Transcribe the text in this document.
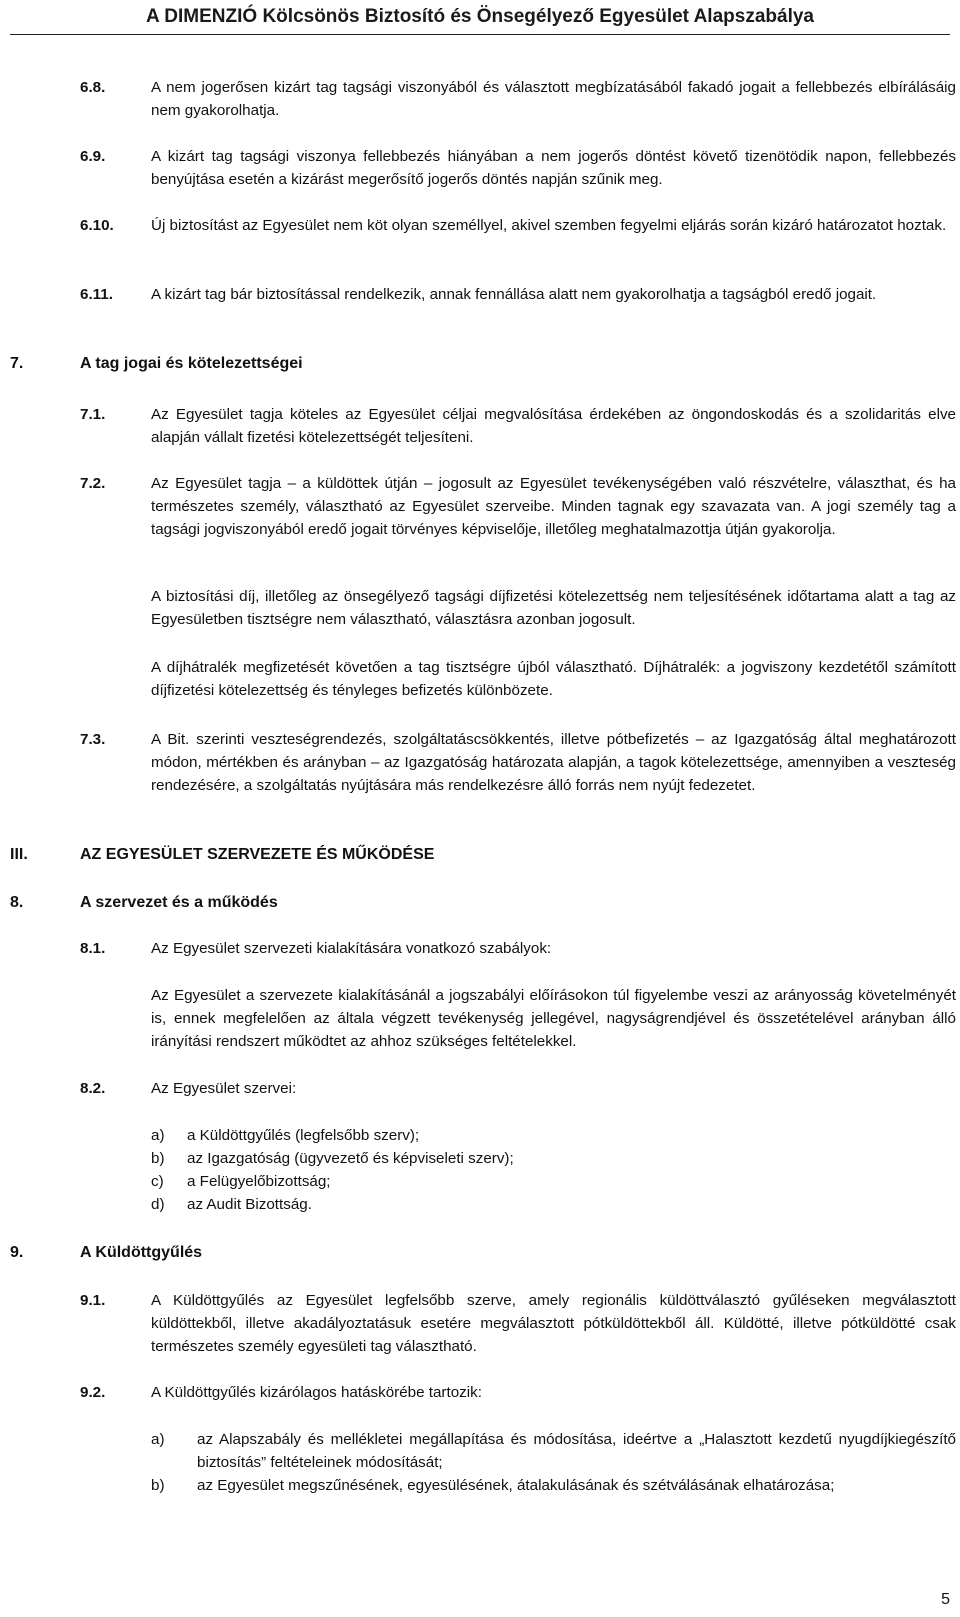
A DIMENZIÓ Kölcsönös Biztosító és Önsegélyező Egyesület Alapszabálya
6.8.	A nem jogerősen kizárt tag tagsági viszonyából és választott megbízatásából fakadó jogait a fellebbezés elbírálásáig nem gyakorolhatja.
6.9.	A kizárt tag tagsági viszonya fellebbezés hiányában a nem jogerős döntést követő tizenötödik napon, fellebbezés benyújtása esetén a kizárást megerősítő jogerős döntés napján szűnik meg.
6.10. Új biztosítást az Egyesület nem köt olyan személlyel, akivel szemben fegyelmi eljárás során kizáró határozatot hoztak.
6.11.	A kizárt tag bár biztosítással rendelkezik, annak fennállása alatt nem gyakorolhatja a tagságból eredő jogait.
7.	A tag jogai és kötelezettségei
7.1.	Az Egyesület tagja köteles az Egyesület céljai megvalósítása érdekében az öngondoskodás és a szolidaritás elve alapján vállalt fizetési kötelezettségét teljesíteni.
7.2.	Az Egyesület tagja – a küldöttek útján – jogosult az Egyesület tevékenységében való részvételre, választhat, és ha természetes személy, választható az Egyesület szerveibe. Minden tagnak egy szavazata van. A jogi személy tag a tagsági jogviszonyából eredő jogait törvényes képviselője, illetőleg meghatalmazottja útján gyakorolja.
A biztosítási díj, illetőleg az önsegélyező tagsági díjfizetési kötelezettség nem teljesítésének időtartama alatt a tag az Egyesületben tisztségre nem választható, választásra azonban jogosult.
A díjhátralék megfizetését követően a tag tisztségre újból választható. Díjhátralék: a jogviszony kezdetétől számított díjfizetési kötelezettség és tényleges befizetés különbözete.
7.3.	A Bit. szerinti veszteségrendezés, szolgáltatáscsökkentés, illetve pótbefizetés – az Igazgatóság által meghatározott módon, mértékben és arányban – az Igazgatóság határozata alapján, a tagok kötelezettsége, amennyiben a veszteség rendezésére, a szolgáltatás nyújtására más rendelkezésre álló forrás nem nyújt fedezetet.
III.	AZ EGYESÜLET SZERVEZETE ÉS MŰKÖDÉSE
8.	A szervezet és a működés
8.1.	Az Egyesület szervezeti kialakítására vonatkozó szabályok:
Az Egyesület a szervezete kialakításánál a jogszabályi előírásokon túl figyelembe veszi az arányosság követelményét is, ennek megfelelően az általa végzett tevékenység jellegével, nagyságrendjével és összetételével arányban álló irányítási rendszert működtet az ahhoz szükséges feltételekkel.
8.2.	Az Egyesület szervei:
a) a Küldöttgyűlés (legfelsőbb szerv);
b) az Igazgatóság (ügyvezető és képviseleti szerv);
c) a Felügyelőbizottság;
d) az Audit Bizottság.
9.	A Küldöttgyűlés
9.1.	A Küldöttgyűlés az Egyesület legfelsőbb szerve, amely regionális küldöttválasztó gyűléseken megválasztott küldöttekből, illetve akadályoztatásuk esetére megválasztott pótküldöttekből áll. Küldötté, illetve pótküldötté csak természetes személy egyesületi tag választható.
9.2.	A Küldöttgyűlés kizárólagos hatáskörébe tartozik:
a) az Alapszabály és mellékletei megállapítása és módosítása, ideértve a „Halasztott kezdetű nyugdíjkiegészítő biztosítás” feltételeinek módosítását;
b) az Egyesület megszűnésének, egyesülésének, átalakulásának és szétválásának elhatározása;
5
